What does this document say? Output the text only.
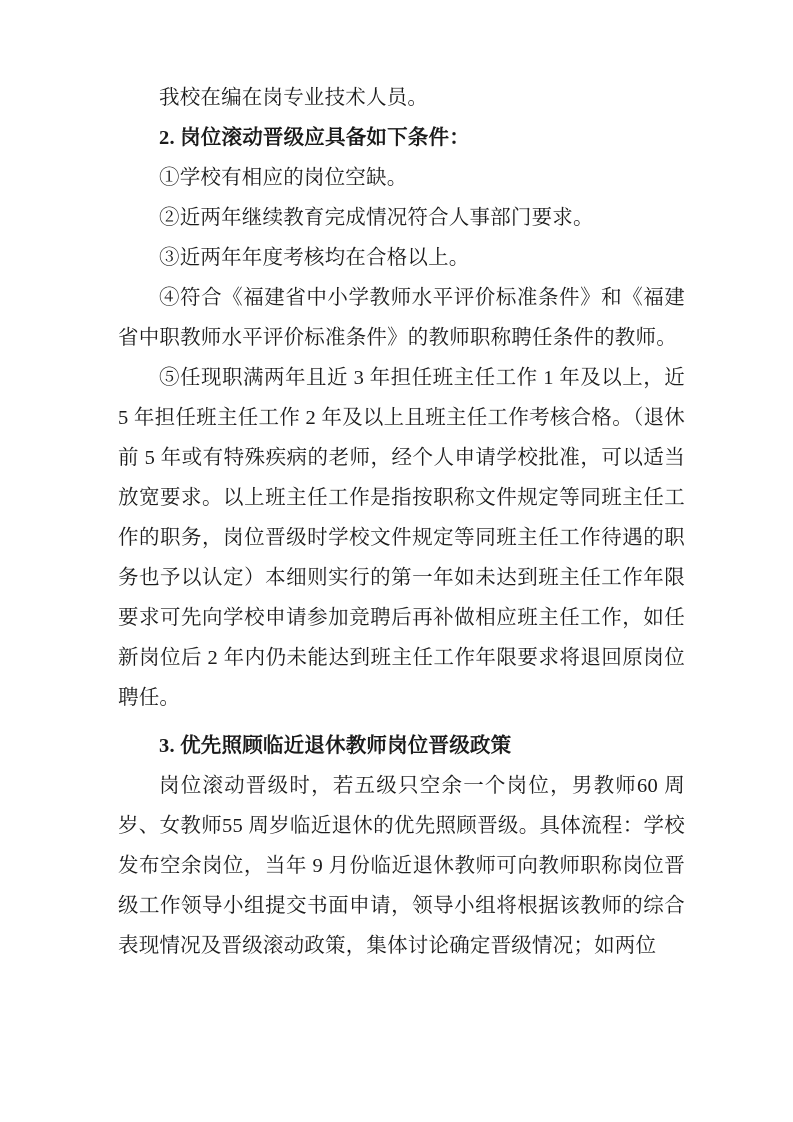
我校在编在岗专业技术人员。

2. 岗位滚动晋级应具备如下条件：

①学校有相应的岗位空缺。

②近两年继续教育完成情况符合人事部门要求。

③近两年年度考核均在合格以上。

④符合《福建省中小学教师水平评价标准条件》和《福建省中职教师水平评价标准条件》的教师职称聘任条件的教师。

⑤任现职满两年且近 3 年担任班主任工作 1 年及以上，近 5 年担任班主任工作 2 年及以上且班主任工作考核合格。（退休前 5 年或有特殊疾病的老师，经个人申请学校批准，可以适当放宽要求。以上班主任工作是指按职称文件规定等同班主任工作的职务，岗位晋级时学校文件规定等同班主任工作待遇的职务也予以认定）本细则实行的第一年如未达到班主任工作年限要求可先向学校申请参加竞聘后再补做相应班主任工作，如任新岗位后 2 年内仍未能达到班主任工作年限要求将退回原岗位聘任。

3. 优先照顾临近退休教师岗位晋级政策

岗位滚动晋级时，若五级只空余一个岗位，男教师60 周岁、女教师55 周岁临近退休的优先照顾晋级。具体流程：学校发布空余岗位，当年 9 月份临近退休教师可向教师职称岗位晋级工作领导小组提交书面申请，领导小组将根据该教师的综合表现情况及晋级滚动政策，集体讨论确定晋级情况；如两位
